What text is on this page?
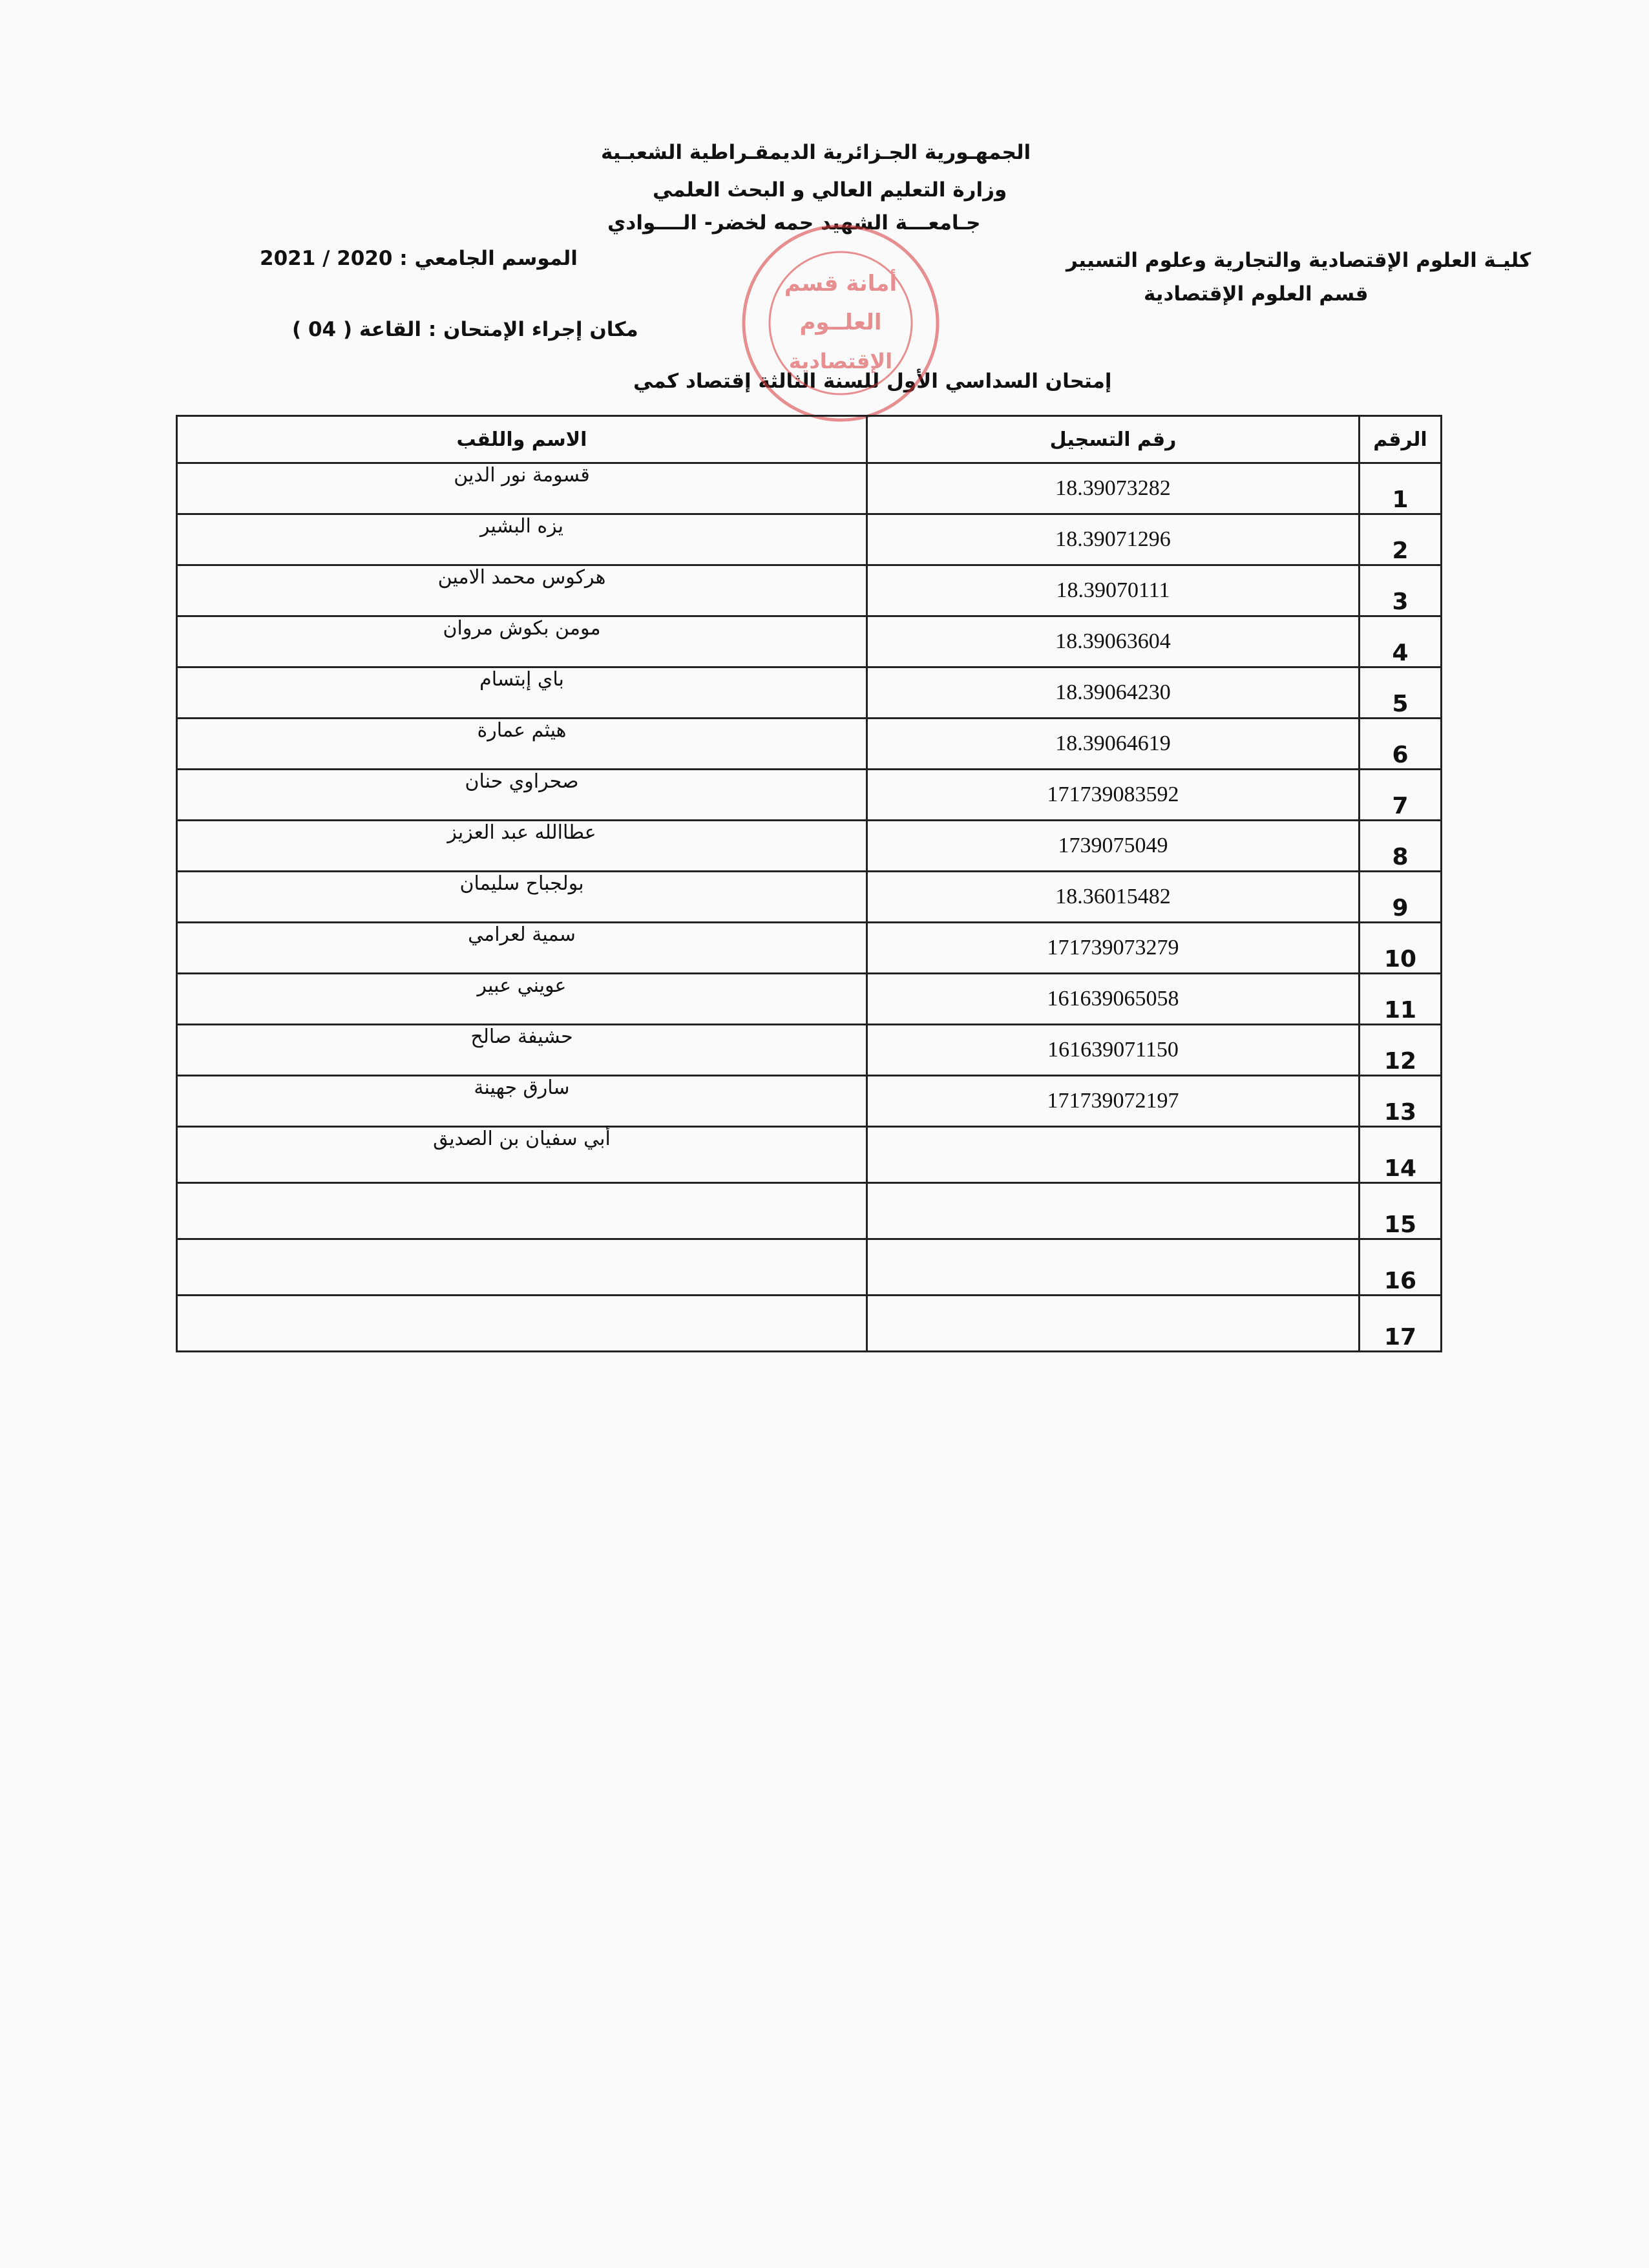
الجمهـورية الجـزائرية الديمقـراطية الشعبـية
وزارة التعليم العالي و البحث العلمي
جـامعـــة الشهيد حمه لخضر- الــــوادي
كليـة العلوم الإقتصادية والتجارية وعلوم التسيير
الموسم الجامعي : 2020 / 2021
قسم العلوم الإقتصادية
مكان إجراء الإمتحان : القاعة ( 04 )
إمتحان السداسي الأول للسنة الثالثة إقتصاد كمي
أمانة قسم
العلــوم
الإقتصادية
الرقم	رقم التسجيل	الاسم واللقب
1	18.39073282	قسومة نور الدين
2	18.39071296	يزه البشير
3	18.39070111	هركوس محمد الامين
4	18.39063604	مومن بكوش مروان
5	18.39064230	باي إبتسام
6	18.39064619	هيثم عمارة
7	171739083592	صحراوي حنان
8	1739075049	عطاالله عبد العزيز
9	18.36015482	بولجباح سليمان
10	171739073279	سمية لعرامي
11	161639065058	عويني عبير
12	161639071150	حشيفة صالح
13	171739072197	سارق جهينة
14		أبي سفيان بن الصديق
15		
16		
17		
